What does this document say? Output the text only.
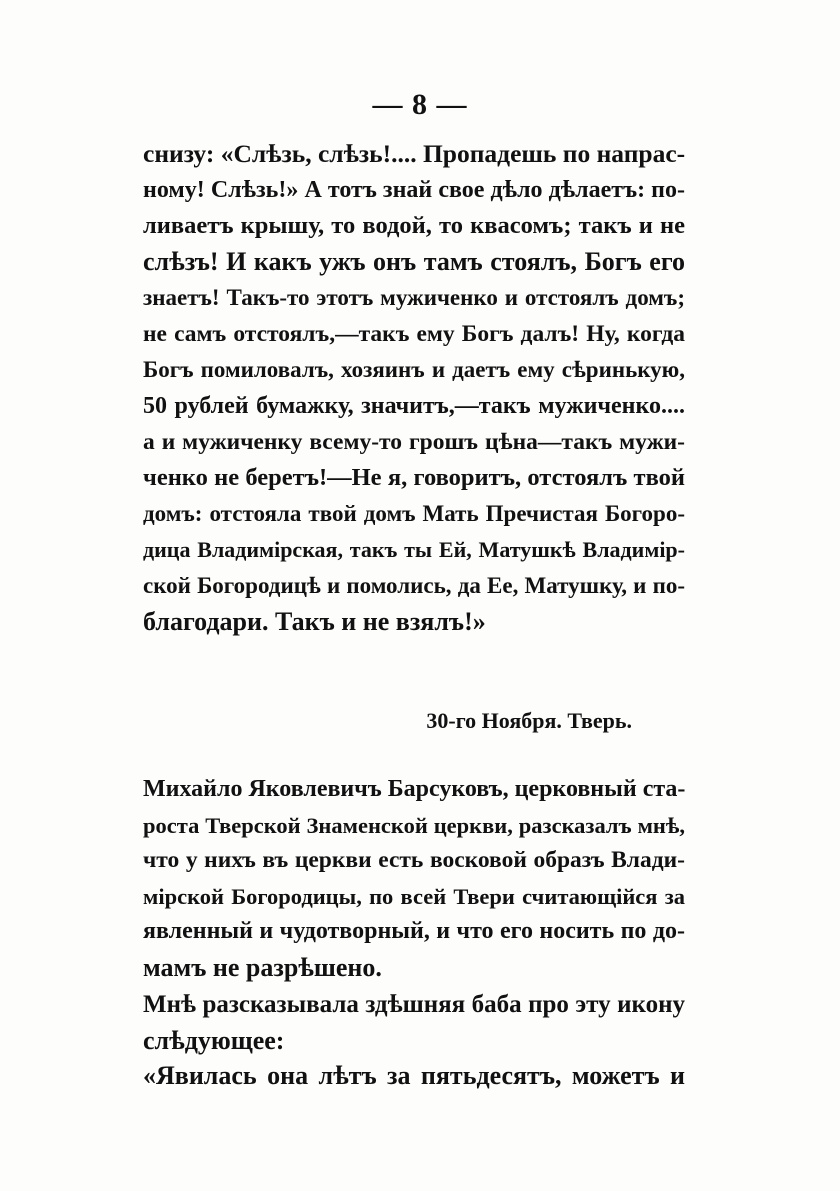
— 8 —
снизу: «Слѣзь, слѣзь!.... Пропадешь по напрас-
ному! Слѣзь!» А тотъ знай свое дѣло дѣлаетъ: по-
ливаетъ крышу, то водой, то квасомъ; такъ и не
слѣзъ! И какъ ужъ онъ тамъ стоялъ, Богъ его
знаетъ! Такъ-то этотъ мужиченко и отстоялъ домъ;
не самъ отстоялъ,—такъ ему Богъ далъ! Ну, когда
Богъ помиловалъ, хозяинъ и даетъ ему сѣринькую,
50 рублей бумажку, значитъ,—такъ мужиченко....
а и мужиченку всему-то грошъ цѣна—такъ мужи-
ченко не беретъ!—Не я, говоритъ, отстоялъ твой
домъ: отстояла твой домъ Мать Пречистая Богоро-
дица Владимірская, такъ ты Ей, Матушкѣ Владимір-
ской Богородицѣ и помолись, да Ее, Матушку, и по-
благодари. Такъ и не взялъ!»
30-го Ноября. Тверь.
Михайло Яковлевичъ Барсуковъ, церковный ста-
роста Тверской Знаменской церкви, разсказалъ мнѣ,
что у нихъ въ церкви есть восковой образъ Влади-
мірской Богородицы, по всей Твери считающійся за
явленный и чудотворный, и что его носить по до-
мамъ не разрѣшено.
Мнѣ разсказывала здѣшняя баба про эту икону
слѣдующее:
«Явилась она лѣтъ за пятьдесятъ, можетъ и
